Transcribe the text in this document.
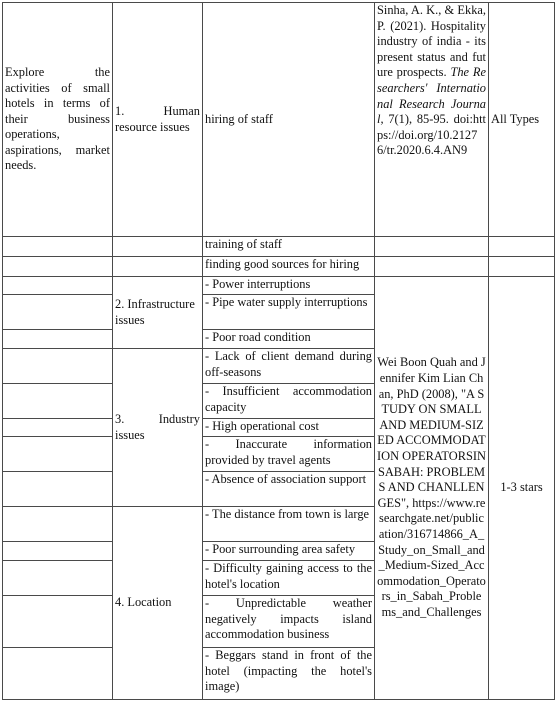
Explore the activities of small hotels in terms of their business operations, aspirations, market needs.	1. Human resource issues	hiring of staff	Sinha, A. K., & Ekka, P. (2021). Hospitality industry of india - its present status and future prospects. The Researchers' International Research Journal, 7(1), 85-95. doi:https://doi.org/10.21276/tr.2020.6.4.AN9	All Types
		training of staff		
		finding good sources for hiring		
	2. Infrastructure issues	- Power interruptions	Wei Boon Quah and Jennifer Kim Lian Chan, PhD (2008), "A STUDY ON SMALL AND MEDIUM-SIZED ACCOMMODATION OPERATORSIN SABAH: PROBLEMS AND CHANLLENGES", https://www.researchgate.net/publication/316714866_A_Study_on_Small_and_Medium-Sized_Accommodation_Operators_in_Sabah_Problems_and_Challenges	1-3 stars
		- Pipe water supply interruptions		
		- Poor road condition		
	3. Industry issues	- Lack of client demand during off-seasons		
		- Insufficient accommodation capacity		
		- High operational cost		
		- Inaccurate information provided by travel agents		
		- Absence of association support		
	4. Location	- The distance from town is large		
		- Poor surrounding area safety		
		- Difficulty gaining access to the hotel's location		
		- Unpredictable weather negatively impacts island accommodation business		
		- Beggars stand in front of the hotel (impacting the hotel's image)		
